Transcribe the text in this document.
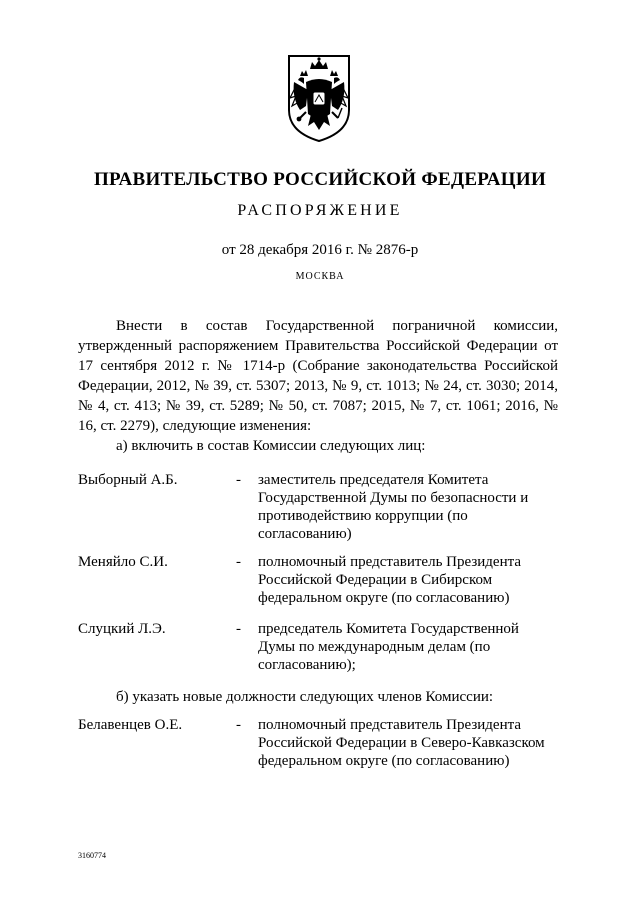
ПРАВИТЕЛЬСТВО РОССИЙСКОЙ ФЕДЕРАЦИИ
РАСПОРЯЖЕНИЕ
от 28 декабря 2016 г. № 2876-р
МОСКВА

Внести в состав Государственной пограничной комиссии, утвержденный распоряжением Правительства Российской Федерации от 17 сентября 2012 г. № 1714-р (Собрание законодательства Российской Федерации, 2012, № 39, ст. 5307; 2013, № 9, ст. 1013; № 24, ст. 3030; 2014, № 4, ст. 413; № 39, ст. 5289; № 50, ст. 7087; 2015, № 7, ст. 1061; 2016, № 16, ст. 2279), следующие изменения:

а) включить в состав Комиссии следующих лиц:

Выборный А.Б.	- заместитель председателя Комитета Государственной Думы по безопасности и противодействию коррупции (по согласованию)
Меняйло С.И.	- полномочный представитель Президента Российской Федерации в Сибирском федеральном округе (по согласованию)
Слуцкий Л.Э.	- председатель Комитета Государственной Думы по международным делам (по согласованию);
б) указать новые должности следующих членов Комиссии:
Белавенцев О.Е.	- полномочный представитель Президента Российской Федерации в Северо-Кавказском федеральном округе (по согласованию)
3160774
